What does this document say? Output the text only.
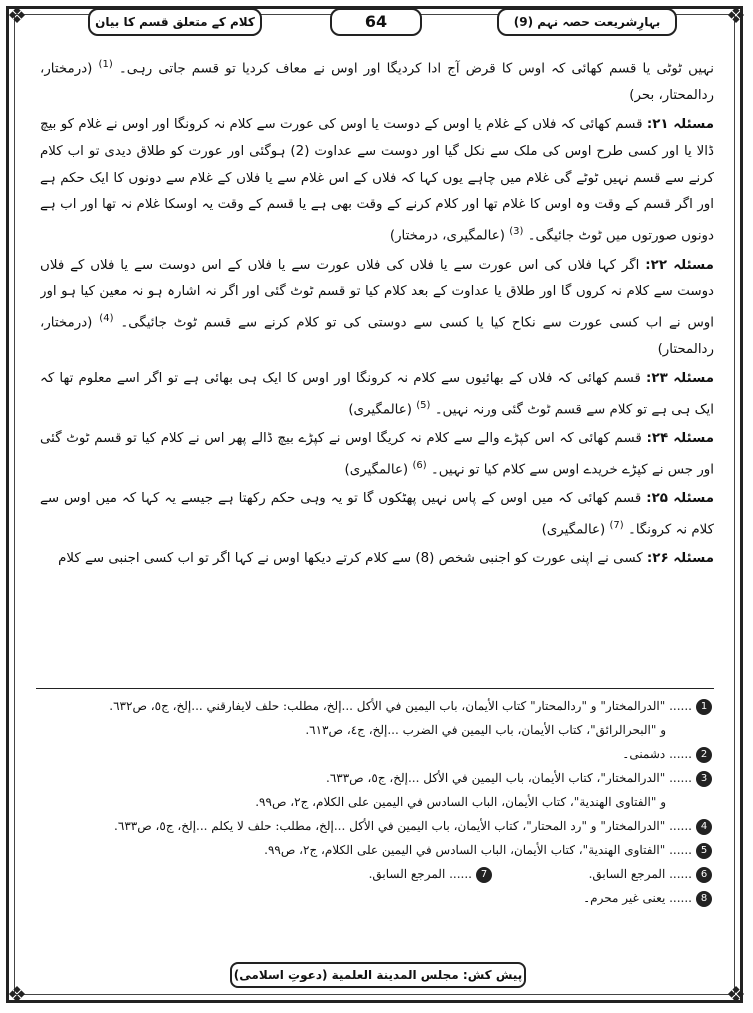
❖	❖
❖	❖
بہارِشریعت حصہ نہم (9)
64
کلام کے متعلق قسم کا بیان

نہیں ٹوٹی یا قسم کھائی کہ اوس کا قرض آج ادا کردیگا اور اوس نے معاف کردیا تو قسم جاتی رہی۔ $^{(1)}$ (درمختار، ردالمحتار، بحر)

مسئلہ ۲۱: قسم کھائی کہ فلاں کے غلام یا اوس کے دوست یا اوس کی عورت سے کلام نہ کرونگا اور اوس نے غلام کو بیچ ڈالا یا اور کسی طرح اوس کی ملک سے نکل گیا اور دوست سے عداوت (2) ہوگئی اور عورت کو طلاق دیدی تو اب کلام کرنے سے قسم نہیں ٹوٹے گی غلام میں چاہے یوں کہا کہ فلاں کے اس غلام سے یا فلاں کے غلام سے دونوں کا ایک حکم ہے اور اگر قسم کے وقت وہ اوس کا غلام تھا اور کلام کرنے کے وقت بھی ہے یا قسم کے وقت یہ اوسکا غلام نہ تھا اور اب ہے دونوں صورتوں میں ٹوٹ جائیگی۔ $^{(3)}$ (عالمگیری، درمختار)

مسئلہ ۲۲: اگر کہا فلاں کی اس عورت سے یا فلاں کی فلاں عورت سے یا فلاں کے اس دوست سے یا فلاں کے فلاں دوست سے کلام نہ کروں گا اور طلاق یا عداوت کے بعد کلام کیا تو قسم ٹوٹ گئی اور اگر نہ اشارہ ہو نہ معین کیا ہو اور اوس نے اب کسی عورت سے نکاح کیا یا کسی سے دوستی کی تو کلام کرنے سے قسم ٹوٹ جائیگی۔ $^{(4)}$ (درمختار، ردالمحتار)

مسئلہ ۲۳: قسم کھائی کہ فلاں کے بھائیوں سے کلام نہ کرونگا اور اوس کا ایک ہی بھائی ہے تو اگر اسے معلوم تھا کہ ایک ہی ہے تو کلام سے قسم ٹوٹ گئی ورنہ نہیں۔ $^{(5)}$ (عالمگیری)

مسئلہ ۲۴: قسم کھائی کہ اس کپڑے والے سے کلام نہ کریگا اوس نے کپڑے بیچ ڈالے پھر اس نے کلام کیا تو قسم ٹوٹ گئی اور جس نے کپڑے خریدے اوس سے کلام کیا تو نہیں۔ $^{(6)}$ (عالمگیری)

مسئلہ ۲۵: قسم کھائی کہ میں اوس کے پاس نہیں پھٹکوں گا تو یہ وہی حکم رکھتا ہے جیسے یہ کہا کہ میں اوس سے کلام نہ کرونگا۔ $^{(7)}$ (عالمگیری)

مسئلہ ۲۶: کسی نے اپنی عورت کو اجنبی شخص (8) سے کلام کرتے دیکھا اوس نے کہا اگر تو اب کسی اجنبی سے کلام

1...... "الدرالمختار" و "ردالمحتار" كتاب الأيمان، باب اليمين في الأكل ...إلخ، مطلب: حلف لايفارقني ...إلخ، ج٥، ص٦٣٢.
و "البحرالرائق"، كتاب الأيمان، باب اليمين في الضرب ...إلخ، ج٤، ص٦١٣.
2...... دشمنی۔
3...... "الدرالمختار"، كتاب الأيمان، باب اليمين في الأكل ...إلخ، ج٥، ص٦٣٣.
و "الفتاوى الهندية"، كتاب الأيمان، الباب السادس في اليمين على الكلام، ج٢، ص٩٩.
4...... "الدرالمختار" و "رد المحتار"، كتاب الأيمان، باب اليمين في الأكل ...إلخ، مطلب: حلف لا يكلم ...إلخ، ج٥، ص٦٣٣.
5...... "الفتاوى الهندية"، كتاب الأيمان، الباب السادس في اليمين على الكلام، ج٢، ص٩٩.
6...... المرجع السابق.
7...... المرجع السابق.
8...... یعنی غیر محرم۔
پیش کش: مجلس المدينة العلمية (دعوتِ اسلامی)
